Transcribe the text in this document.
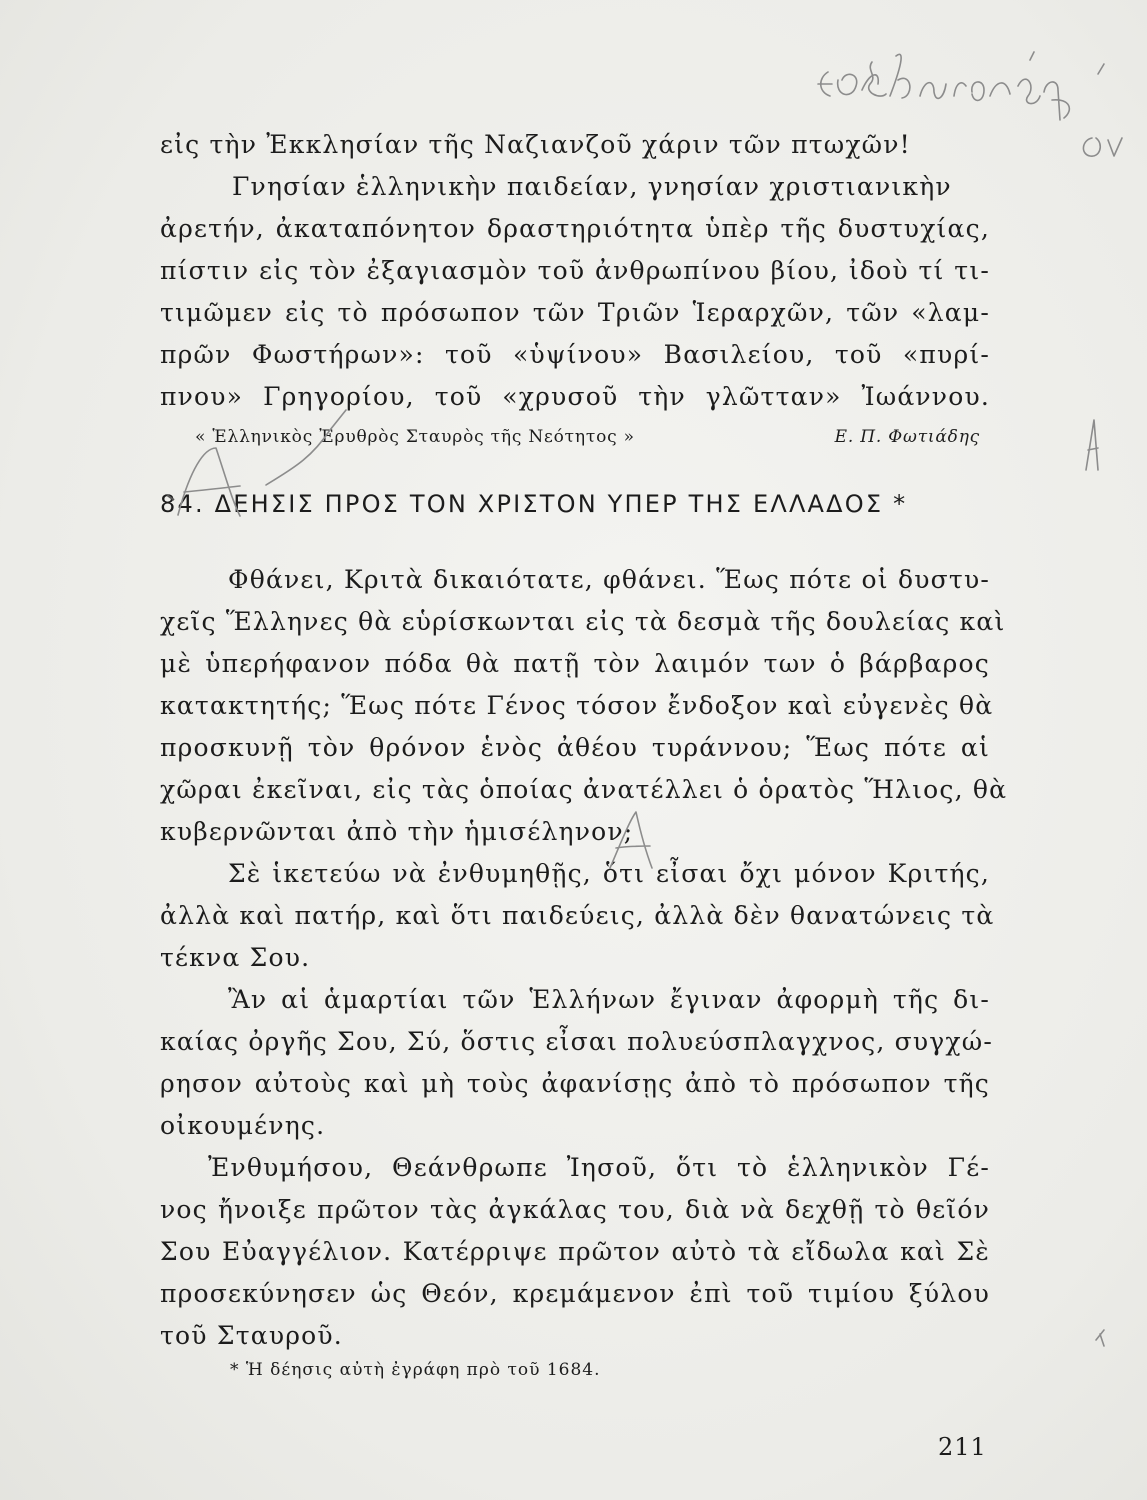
εἰς τὴν Ἐκκλησίαν τῆς Ναζιανζοῦ χάριν τῶν πτωχῶν!
Γνησίαν ἑλληνικὴν παιδείαν, γνησίαν χριστιανικὴν
ἀρετήν, ἀκαταπόνητον δραστηριότητα ὑπὲρ τῆς δυστυχίας,
πίστιν εἰς τὸν ἐξαγιασμὸν τοῦ ἀνθρωπίνου βίου, ἰδοὺ τί τι-
τιμῶμεν εἰς τὸ πρόσωπον τῶν Τριῶν Ἱεραρχῶν, τῶν «λαμ-
πρῶν Φωστήρων»: τοῦ «ὑψίνου» Βασιλείου, τοῦ «πυρί-
πνου» Γρηγορίου, τοῦ «χρυσοῦ τὴν γλῶτταν» Ἰωάννου.
« Ἑλληνικὸς Ἐρυθρὸς Σταυρὸς τῆς Νεότητος »	Ε. Π. Φωτιάδης
84. ΔΕΗΣΙΣ ΠΡΟΣ ΤΟΝ ΧΡΙΣΤΟΝ ΥΠΕΡ ΤΗΣ ΕΛΛΑΔΟΣ *
Φθάνει, Κριτὰ δικαιότατε, φθάνει. Ἕως πότε οἱ δυστυ-
χεῖς Ἕλληνες θὰ εὑρίσκωνται εἰς τὰ δεσμὰ τῆς δουλείας καὶ
μὲ ὑπερήφανον πόδα θὰ πατῇ τὸν λαιμόν των ὁ βάρβαρος
κατακτητής; Ἕως πότε Γένος τόσον ἔνδοξον καὶ εὐγενὲς θὰ
προσκυνῇ τὸν θρόνον ἑνὸς ἀθέου τυράννου; Ἕως πότε αἱ
χῶραι ἐκεῖναι, εἰς τὰς ὁποίας ἀνατέλλει ὁ ὁρατὸς Ἥλιος, θὰ
κυβερνῶνται ἀπὸ τὴν ἡμισέληνον;
Σὲ ἱκετεύω νὰ ἐνθυμηθῇς, ὅτι εἶσαι ὄχι μόνον Κριτής,
ἀλλὰ καὶ πατήρ, καὶ ὅτι παιδεύεις, ἀλλὰ δὲν θανατώνεις τὰ
τέκνα Σου.
Ἂν αἱ ἁμαρτίαι τῶν Ἑλλήνων ἔγιναν ἀφορμὴ τῆς δι-
καίας ὀργῆς Σου, Σύ, ὅστις εἶσαι πολυεύσπλαγχνος, συγχώ-
ρησον αὐτοὺς καὶ μὴ τοὺς ἀφανίσῃς ἀπὸ τὸ πρόσωπον τῆς
οἰκουμένης.
Ἐνθυμήσου, Θεάνθρωπε Ἰησοῦ, ὅτι τὸ ἑλληνικὸν Γέ-
νος ἤνοιξε πρῶτον τὰς ἀγκάλας του, διὰ νὰ δεχθῇ τὸ θεῖόν
Σου Εὐαγγέλιον. Κατέρριψε πρῶτον αὐτὸ τὰ εἴδωλα καὶ Σὲ
προσεκύνησεν ὡς Θεόν, κρεμάμενον ἐπὶ τοῦ τιμίου ξύλου
τοῦ Σταυροῦ.
* Ἡ δέησις αὐτὴ ἐγράφη πρὸ τοῦ 1684.
211
